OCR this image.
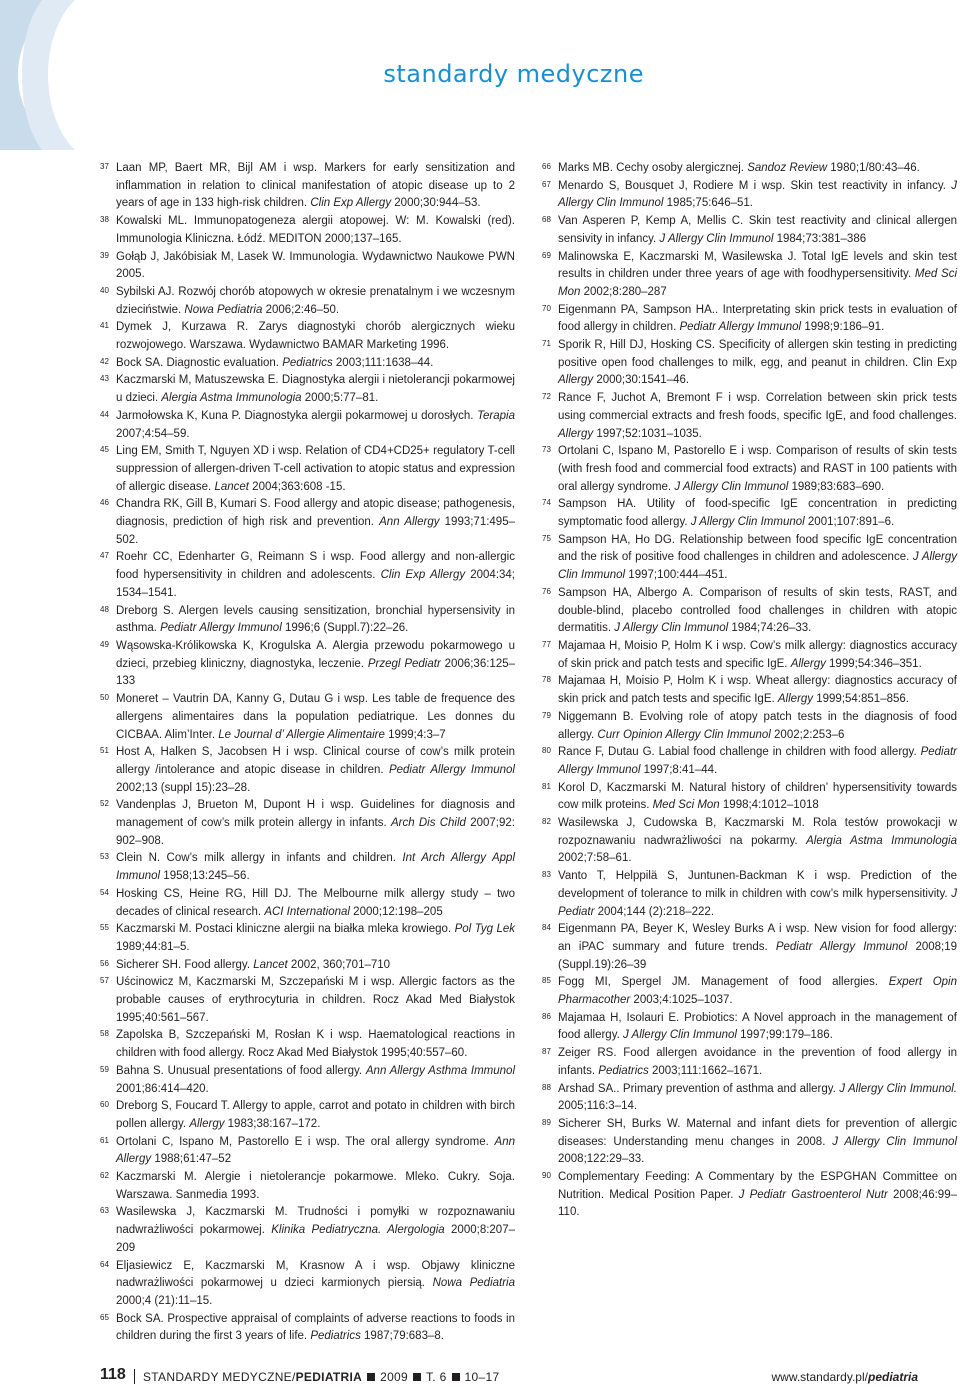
standardy medyczne

37 Laan MP, Baert MR, Bijl AM i wsp. Markers for early sensitization and inflammation in relation to clinical manifestation of atopic disease up to 2 years of age in 133 high-risk children. Clin Exp Allergy 2000;30:944–53.

38 Kowalski ML. Immunopatogeneza alergii atopowej. W: M. Kowalski (red). Immunologia Kliniczna. Łódź. MEDITON 2000;137–165.

39 Gołąb J, Jakóbisiak M, Lasek W. Immunologia. Wydawnictwo Naukowe PWN 2005.

40 Sybilski AJ. Rozwój chorób atopowych w okresie prenatalnym i we wczesnym dzieciństwie. Nowa Pediatria 2006;2:46–50.

41 Dymek J, Kurzawa R. Zarys diagnostyki chorób alergicznych wieku rozwojowego. Warszawa. Wydawnictwo BAMAR Marketing 1996.

42 Bock SA. Diagnostic evaluation. Pediatrics 2003;111:1638–44.

43 Kaczmarski M, Matuszewska E. Diagnostyka alergii i nietolerancji pokarmowej u dzieci. Alergia Astma Immunologia 2000;5:77–81.

44 Jarmołowska K, Kuna P. Diagnostyka alergii pokarmowej u dorosłych. Terapia 2007;4:54–59.

45 Ling EM, Smith T, Nguyen XD i wsp. Relation of CD4+CD25+ regulatory T-cell suppression of allergen-driven T-cell activation to atopic status and expression of allergic disease. Lancet 2004;363:608 -15.

46 Chandra RK, Gill B, Kumari S. Food allergy and atopic disease; pathogenesis, diagnosis, prediction of high risk and prevention. Ann Allergy 1993;71:495–502.

47 Roehr CC, Edenharter G, Reimann S i wsp. Food allergy and non-allergic food hypersensitivity in children and adolescents. Clin Exp Allergy 2004:34; 1534–1541.

48 Dreborg S. Alergen levels causing sensitization, bronchial hypersensivity in asthma. Pediatr Allergy Immunol 1996;6 (Suppl.7):22–26.

49 Wąsowska-Królikowska K, Krogulska A. Alergia przewodu pokarmowego u dzieci, przebieg kliniczny, diagnostyka, leczenie. Przegl Pediatr 2006;36:125–133

50 Moneret – Vautrin DA, Kanny G, Dutau G i wsp. Les table de frequence des allergens alimentaires dans la population pediatrique. Les donnes du CICBAA. Alim’Inter. Le Journal d’ Allergie Alimentaire 1999;4:3–7

51 Host A, Halken S, Jacobsen H i wsp. Clinical course of cow’s milk protein allergy /intolerance and atopic disease in children. Pediatr Allergy Immunol 2002;13 (suppl 15):23–28.

52 Vandenplas J, Brueton M, Dupont H i wsp. Guidelines for diagnosis and management of cow’s milk protein allergy in infants. Arch Dis Child 2007;92: 902–908.

53 Clein N. Cow’s milk allergy in infants and children. Int Arch Allergy Appl Immunol 1958;13:245–56.

54 Hosking CS, Heine RG, Hill DJ. The Melbourne milk allergy study – two decades of clinical research. ACI International 2000;12:198–205

55 Kaczmarski M. Postaci kliniczne alergii na białka mleka krowiego. Pol Tyg Lek 1989;44:81–5.

56 Sicherer SH. Food allergy. Lancet 2002, 360;701–710

57 Uścinowicz M, Kaczmarski M, Szczepański M i wsp. Allergic factors as the probable causes of erythrocyturia in children. Rocz Akad Med Białystok 1995;40:561–567.

58 Zapolska B, Szczepański M, Rosłan K i wsp. Haematological reactions in children with food allergy. Rocz Akad Med Białystok 1995;40:557–60.

59 Bahna S. Unusual presentations of food allergy. Ann Allergy Asthma Immunol 2001;86:414–420.

60 Dreborg S, Foucard T. Allergy to apple, carrot and potato in children with birch pollen allergy. Allergy 1983;38:167–172.

61 Ortolani C, Ispano M, Pastorello E i wsp. The oral allergy syndrome. Ann Allergy 1988;61:47–52

62 Kaczmarski M. Alergie i nietolerancje pokarmowe. Mleko. Cukry. Soja. Warszawa. Sanmedia 1993.

63 Wasilewska J, Kaczmarski M. Trudności i pomyłki w rozpoznawaniu nadwrażliwości pokarmowej. Klinika Pediatryczna. Alergologia 2000;8:207–209

64 Eljasiewicz E, Kaczmarski M, Krasnow A i wsp. Objawy kliniczne nadwrażliwości pokarmowej u dzieci karmionych piersią. Nowa Pediatria 2000;4 (21):11–15.

65 Bock SA. Prospective appraisal of complaints of adverse reactions to foods in children during the first 3 years of life. Pediatrics 1987;79:683–8.

66 Marks MB. Cechy osoby alergicznej. Sandoz Review 1980;1/80:43–46.

67 Menardo S, Bousquet J, Rodiere M i wsp. Skin test reactivity in infancy. J Allergy Clin Immunol 1985;75:646–51.

68 Van Asperen P, Kemp A, Mellis C. Skin test reactivity and clinical allergen sensivity in infancy. J Allergy Clin Immunol 1984;73:381–386

69 Malinowska E, Kaczmarski M, Wasilewska J. Total IgE levels and skin test results in children under three years of age with foodhypersensitivity. Med Sci Mon 2002;8:280–287

70 Eigenmann PA, Sampson HA.. Interpretating skin prick tests in evaluation of food allergy in children. Pediatr Allergy Immunol 1998;9:186–91.

71 Sporik R, Hill DJ, Hosking CS. Specificity of allergen skin testing in predicting positive open food challenges to milk, egg, and peanut in children. Clin Exp Allergy 2000;30:1541–46.

72 Rance F, Juchot A, Bremont F i wsp. Correlation between skin prick tests using commercial extracts and fresh foods, specific IgE, and food challenges. Allergy 1997;52:1031–1035.

73 Ortolani C, Ispano M, Pastorello E i wsp. Comparison of results of skin tests (with fresh food and commercial food extracts) and RAST in 100 patients with oral allergy syndrome. J Allergy Clin Immunol 1989;83:683–690.

74 Sampson HA. Utility of food-specific IgE concentration in predicting symptomatic food allergy. J Allergy Clin Immunol 2001;107:891–6.

75 Sampson HA, Ho DG. Relationship between food specific IgE concentration and the risk of positive food challenges in children and adolescence. J Allergy Clin Immunol 1997;100:444–451.

76 Sampson HA, Albergo A. Comparison of results of skin tests, RAST, and double-blind, placebo controlled food challenges in children with atopic dermatitis. J Allergy Clin Immunol 1984;74:26–33.

77 Majamaa H, Moisio P, Holm K i wsp. Cow’s milk allergy: diagnostics accuracy of skin prick and patch tests and specific IgE. Allergy 1999;54:346–351.

78 Majamaa H, Moisio P, Holm K i wsp. Wheat allergy: diagnostics accuracy of skin prick and patch tests and specific IgE. Allergy 1999;54:851–856.

79 Niggemann B. Evolving role of atopy patch tests in the diagnosis of food allergy. Curr Opinion Allergy Clin Immunol 2002;2:253–6

80 Rance F, Dutau G. Labial food challenge in children with food allergy. Pediatr Allergy Immunol 1997;8:41–44.

81 Korol D, Kaczmarski M. Natural history of children’ hypersensitivity towards cow milk proteins. Med Sci Mon 1998;4:1012–1018

82 Wasilewska J, Cudowska B, Kaczmarski M. Rola testów prowokacji w rozpoznawaniu nadwrażliwości na pokarmy. Alergia Astma Immunologia 2002;7:58–61.

83 Vanto T, Helppilä S, Juntunen-Backman K i wsp. Prediction of the development of tolerance to milk in children with cow’s milk hypersensitivity. J Pediatr 2004;144 (2):218–222.

84 Eigenmann PA, Beyer K, Wesley Burks A i wsp. New vision for food allergy: an iPAC summary and future trends. Pediatr Allergy Immunol 2008;19 (Suppl.19):26–39

85 Fogg MI, Spergel JM. Management of food allergies. Expert Opin Pharmacother 2003;4:1025–1037.

86 Majamaa H, Isolauri E. Probiotics: A Novel approach in the management of food allergy. J Allergy Clin Immunol 1997;99:179–186.

87 Zeiger RS. Food allergen avoidance in the prevention of food allergy in infants. Pediatrics 2003;111:1662–1671.

88 Arshad SA.. Primary prevention of asthma and allergy. J Allergy Clin Immunol. 2005;116:3–14.

89 Sicherer SH, Burks W. Maternal and infant diets for prevention of allergic diseases: Understanding menu changes in 2008. J Allergy Clin Immunol 2008;122:29–33.

90 Complementary Feeding: A Commentary by the ESPGHAN Committee on Nutrition. Medical Position Paper. J Pediatr Gastroenterol Nutr 2008;46:99–110.

118 STANDARDY MEDYCZNE/PEDIATRIA 2009 T. 6 10–17	www.standardy.pl/pediatria
